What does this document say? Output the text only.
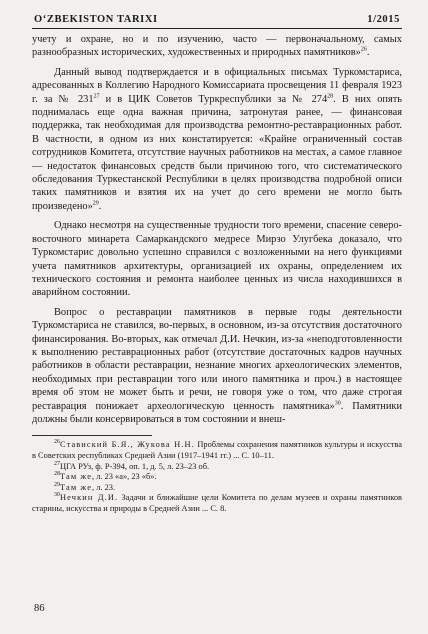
O‘ZBEKISTON TARIXI	1/2015

учету и охране, но и по изучению, часто — первоначальному, самых разнообразных исторических, художественных и природных памятников»$^{26}$.

Данный вывод подтверждается и в официальных письмах Туркомстариса, адресованных в Коллегию Народного Комиссариата просвещения 11 февраля 1923 г. за № $231^{27}$ и в ЦИК Советов Туркреспублики за № $274^{28}$. В них опять поднималась еще одна важная причина, затронутая ранее, — финансовая поддержка, так необходимая для производства ремонтно-реставрационных работ. В частности, в одном из них констатируется: «Крайне ограниченный состав сотрудников Комитета, отсутствие научных работников на местах, а самое главное — недостаток финансовых средств были причиною того, что систематического обследования Туркестанской Республики в целях производства подробной описи таких памятников и взятия их на учет до сего времени не могло быть произведено»$^{29}$.

Однако несмотря на существенные трудности того времени, спасение северо-восточного минарета Самаркандского медресе Мирзо Улугбека доказало, что Туркомстарис довольно успешно справился с возложенными на него функциями учета памятников архитектуры, организацией их охраны, определением их технического состояния и ремонта наиболее ценных из числа находившихся в аварийном состоянии.

Вопрос о реставрации памятников в первые годы деятельности Туркомстариса не ставился, во-первых, в основном, из-за отсутствия достаточного финансирования. Во-вторых, как отмечал Д.И. Нечкин, из-за «неподготовленности к выполнению реставрационных работ (отсутствие достаточных кадров научных работников в области реставрации, незнание многих археологических элементов, необходимых при реставрации того или иного памятника и проч.) в настоящее время об этом не может быть и речи, не говоря уже о том, что даже строгая реставрация понижает археологическую ценность памятника»$^{30}$. Памятники должны были консервироваться в том состоянии и внеш-

$^{26}$Ставиский Б.Я., Жукова Н.Н. Проблемы сохранения памятников культуры и искусства в Советских республиках Средней Азии (1917–1941 гг.) ... С. 10–11.
$^{27}$ЦГА РУз, ф. Р-394, оп. 1, д. 5, л. 23–23 об.
$^{28}$Там же, л. 23 «а», 23 «б».
$^{29}$Там же, л. 23.
$^{30}$Нечкин Д.И. Задачи и ближайшие цели Комитета по делам музеев и охраны памятников старины, искусства и природы в Средней Азии ... С. 8.
86
